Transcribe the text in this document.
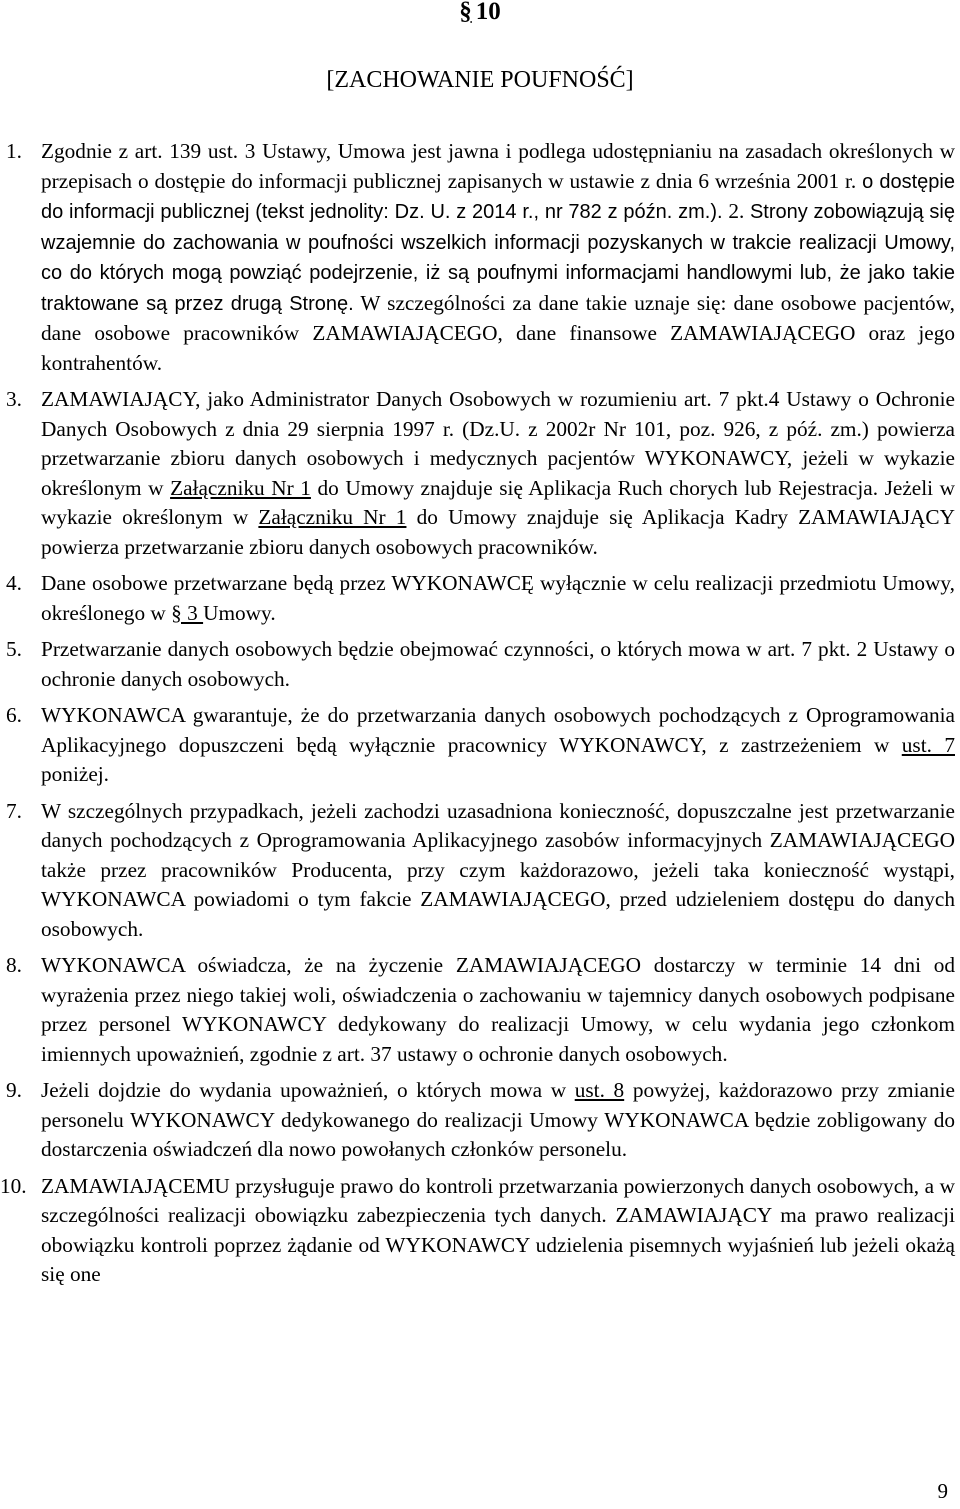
§ 10
[ZACHOWANIE POUFNOŚĆ]
1. Zgodnie z art. 139 ust. 3 Ustawy, Umowa jest jawna i podlega udostępnianiu na zasadach określonych w przepisach o dostępie do informacji publicznej zapisanych w ustawie z dnia 6 września 2001 r. o dostępie do informacji publicznej (tekst jednolity: Dz. U. z 2014 r., nr 782 z późn. zm.). 2. Strony zobowiązują się wzajemnie do zachowania w poufności wszelkich informacji pozyskanych w trakcie realizacji Umowy, co do których mogą powziąć podejrzenie, iż są poufnymi informacjami handlowymi lub, że jako takie traktowane są przez drugą Stronę. W szczególności za dane takie uznaje się: dane osobowe pacjentów, dane osobowe pracowników ZAMAWIAJĄCEGO, dane finansowe ZAMAWIAJĄCEGO oraz jego kontrahentów.
3. ZAMAWIAJĄCY, jako Administrator Danych Osobowych w rozumieniu art. 7 pkt.4 Ustawy o Ochronie Danych Osobowych z dnia 29 sierpnia 1997 r. (Dz.U. z 2002r Nr 101, poz. 926, z póź. zm.) powierza przetwarzanie zbioru danych osobowych i medycznych pacjentów WYKONAWCY, jeżeli w wykazie określonym w Załączniku Nr 1 do Umowy znajduje się Aplikacja Ruch chorych lub Rejestracja. Jeżeli w wykazie określonym w Załączniku Nr 1 do Umowy znajduje się Aplikacja Kadry ZAMAWIAJĄCY powierza przetwarzanie zbioru danych osobowych pracowników.
4. Dane osobowe przetwarzane będą przez WYKONAWCĘ wyłącznie w celu realizacji przedmiotu Umowy, określonego w § 3 Umowy.
5. Przetwarzanie danych osobowych będzie obejmować czynności, o których mowa w art. 7 pkt. 2 Ustawy o ochronie danych osobowych.
6. WYKONAWCA gwarantuje, że do przetwarzania danych osobowych pochodzących z Oprogramowania Aplikacyjnego dopuszczeni będą wyłącznie pracownicy WYKONAWCY, z zastrzeżeniem w ust. 7 poniżej.
7. W szczególnych przypadkach, jeżeli zachodzi uzasadniona konieczność, dopuszczalne jest przetwarzanie danych pochodzących z Oprogramowania Aplikacyjnego zasobów informacyjnych ZAMAWIAJĄCEGO także przez pracowników Producenta, przy czym każdorazowo, jeżeli taka konieczność wystąpi, WYKONAWCA powiadomi o tym fakcie ZAMAWIAJĄCEGO, przed udzieleniem dostępu do danych osobowych.
8. WYKONAWCA oświadcza, że na życzenie ZAMAWIAJĄCEGO dostarczy w terminie 14 dni od wyrażenia przez niego takiej woli, oświadczenia o zachowaniu w tajemnicy danych osobowych podpisane przez personel WYKONAWCY dedykowany do realizacji Umowy, w celu wydania jego członkom imiennych upoważnień, zgodnie z art. 37 ustawy o ochronie danych osobowych.
9. Jeżeli dojdzie do wydania upoważnień, o których mowa w ust. 8 powyżej, każdorazowo przy zmianie personelu WYKONAWCY dedykowanego do realizacji Umowy WYKONAWCA będzie zobligowany do dostarczenia oświadczeń dla nowo powołanych członków personelu.
10. ZAMAWIAJĄCEMU przysługuje prawo do kontroli przetwarzania powierzonych danych osobowych, a w szczególności realizacji obowiązku zabezpieczenia tych danych. ZAMAWIAJĄCY ma prawo realizacji obowiązku kontroli poprzez żądanie od WYKONAWCY udzielenia pisemnych wyjaśnień lub jeżeli okażą się one
9
